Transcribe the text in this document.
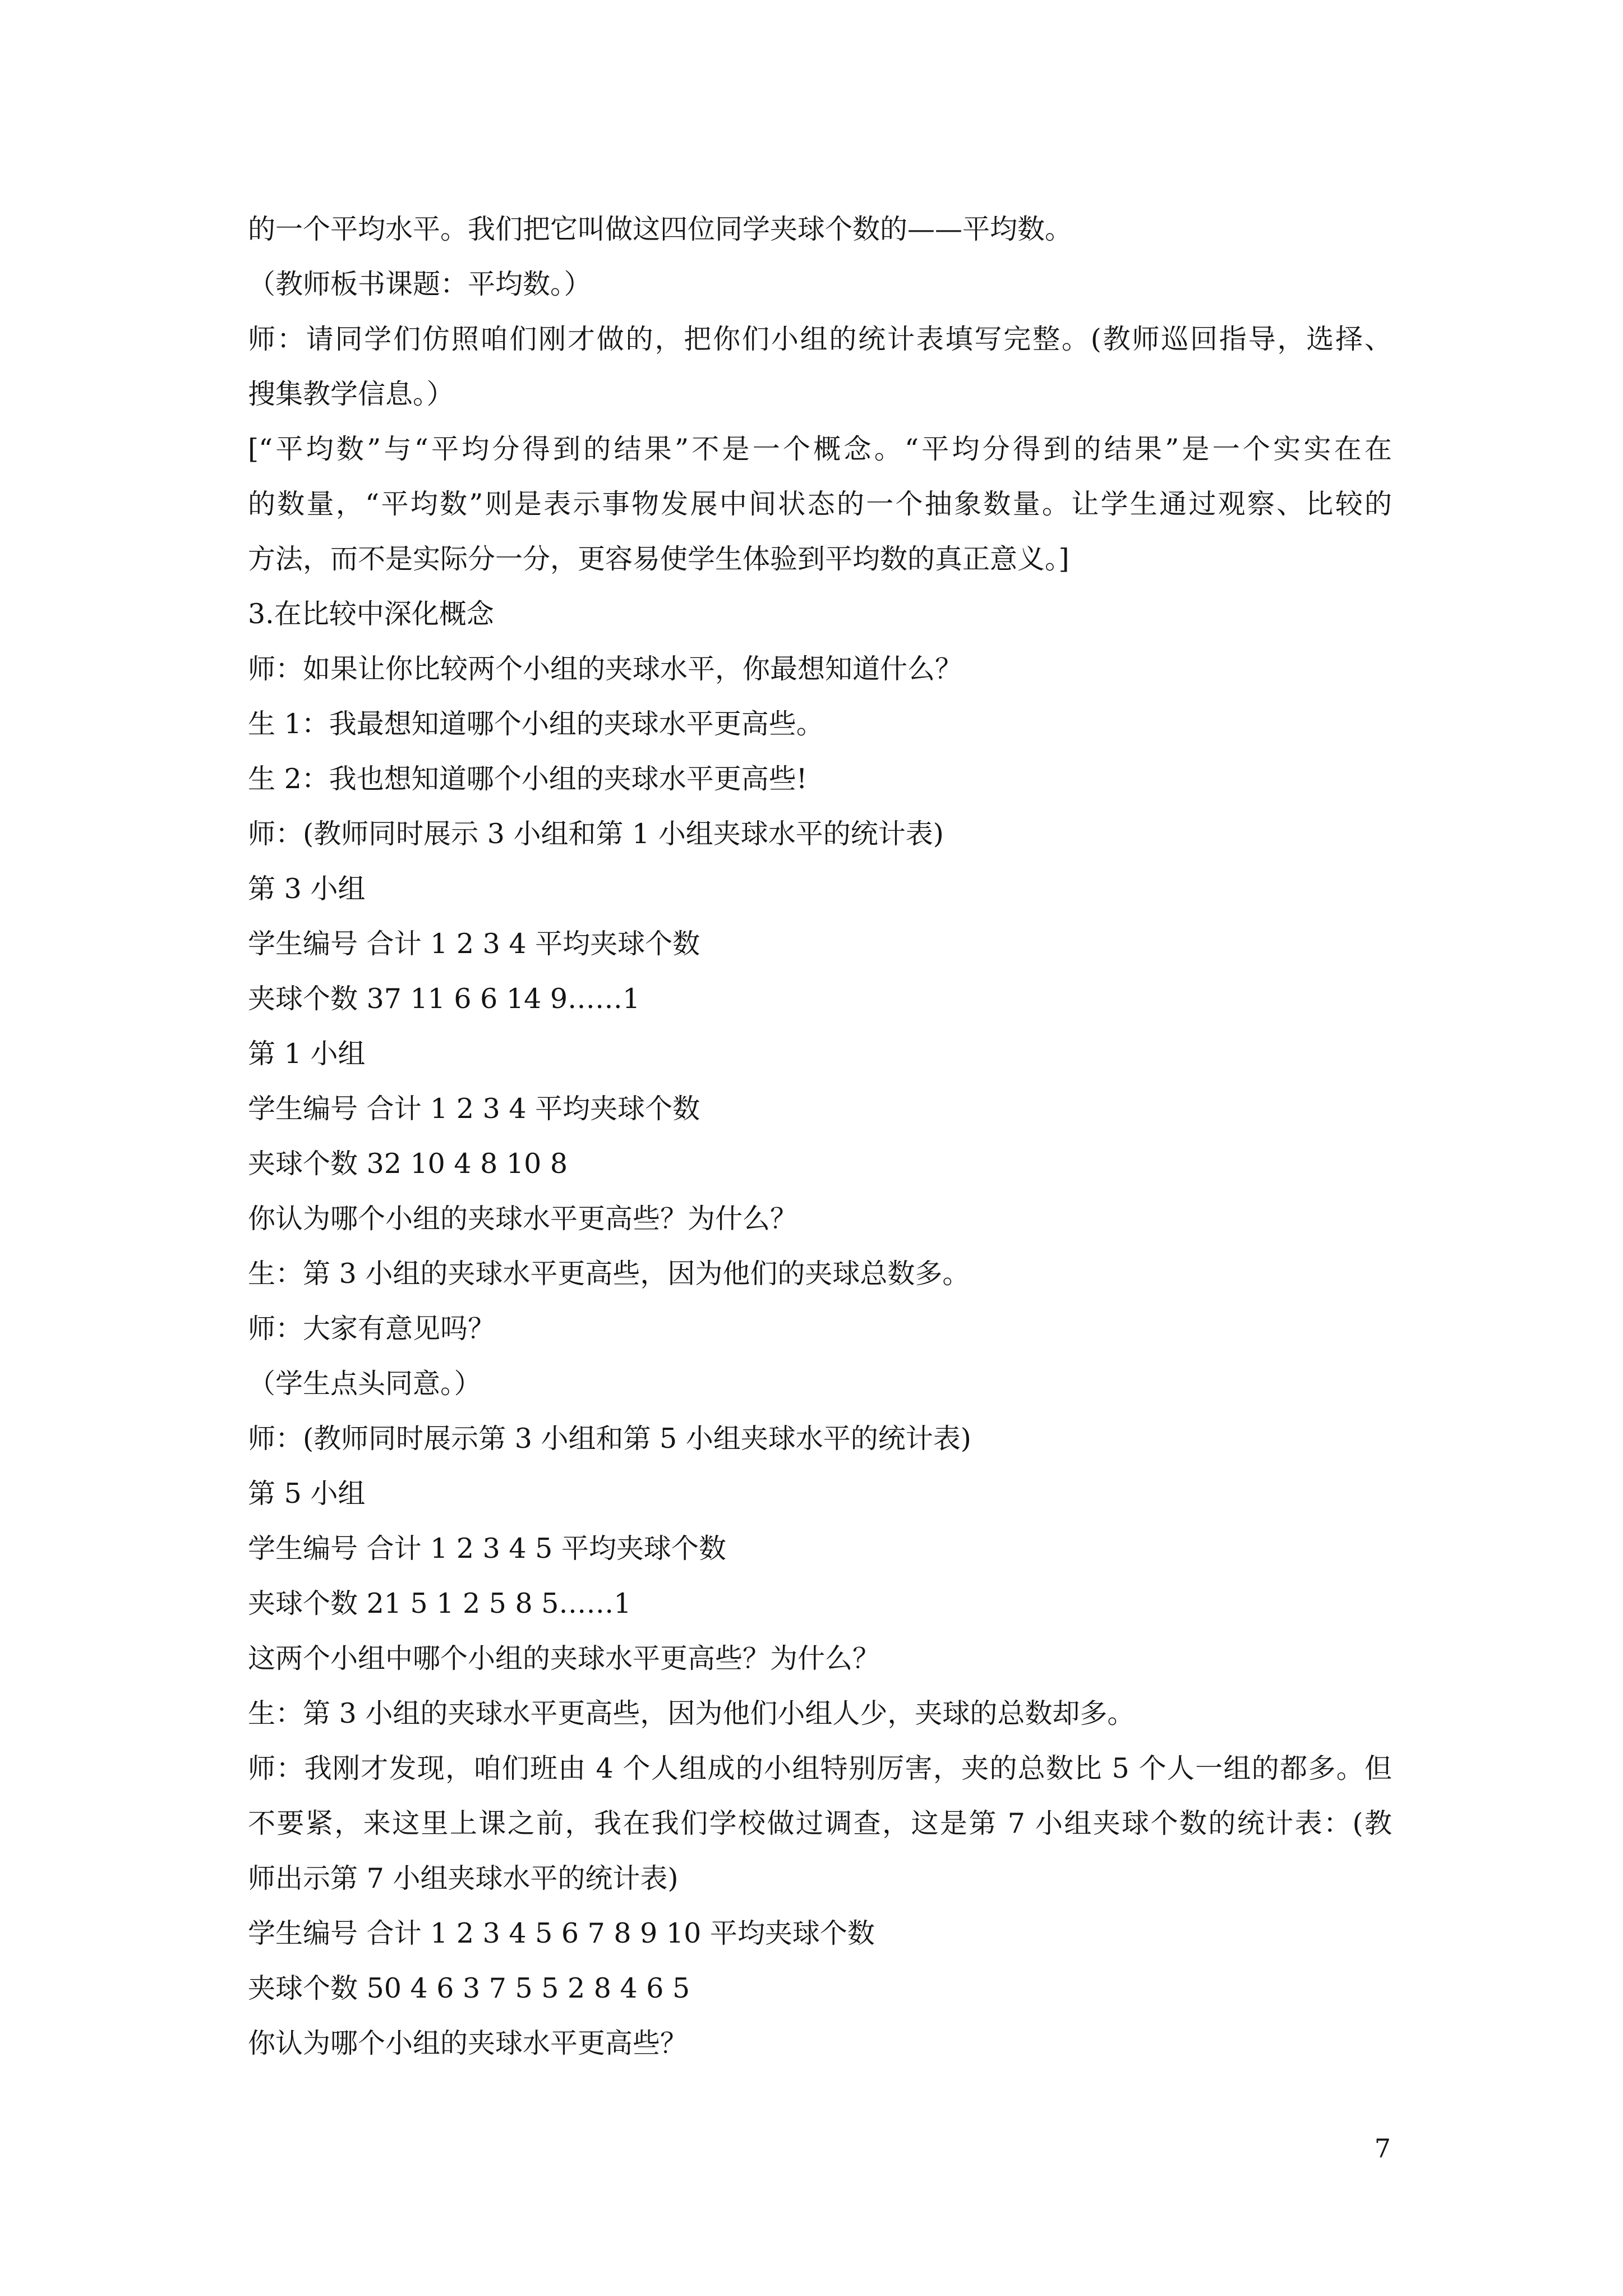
的一个平均水平。我们把它叫做这四位同学夹球个数的——平均数。
（教师板书课题：平均数。）
师：请同学们仿照咱们刚才做的，把你们小组的统计表填写完整。(教师巡回指导，选择、
搜集教学信息。）
[“平均数”与“平均分得到的结果”不是一个概念。“平均分得到的结果”是一个实实在在
的数量，“平均数”则是表示事物发展中间状态的一个抽象数量。让学生通过观察、比较的
方法，而不是实际分一分，更容易使学生体验到平均数的真正意义。]
3.在比较中深化概念
师：如果让你比较两个小组的夹球水平，你最想知道什么？
生 1：我最想知道哪个小组的夹球水平更高些。
生 2：我也想知道哪个小组的夹球水平更高些!
师：(教师同时展示 3 小组和第 1 小组夹球水平的统计表)
第 3 小组
学生编号 合计 1 2 3 4 平均夹球个数
夹球个数 37 11 6 6 14 9……1
第 1 小组
学生编号 合计 1 2 3 4 平均夹球个数
夹球个数 32 10 4 8 10 8
你认为哪个小组的夹球水平更高些？为什么？
生：第 3 小组的夹球水平更高些，因为他们的夹球总数多。
师：大家有意见吗？
（学生点头同意。）
师：(教师同时展示第 3 小组和第 5 小组夹球水平的统计表)
第 5 小组
学生编号 合计 1 2 3 4 5 平均夹球个数
夹球个数 21 5 1 2 5 8 5……1
这两个小组中哪个小组的夹球水平更高些？为什么？
生：第 3 小组的夹球水平更高些，因为他们小组人少，夹球的总数却多。
师：我刚才发现，咱们班由 4 个人组成的小组特别厉害，夹的总数比 5 个人一组的都多。但
不要紧，来这里上课之前，我在我们学校做过调查，这是第 7 小组夹球个数的统计表：(教
师出示第 7 小组夹球水平的统计表)
学生编号 合计 1 2 3 4 5 6 7 8 9 10 平均夹球个数
夹球个数 50 4 6 3 7 5 5 2 8 4 6 5
你认为哪个小组的夹球水平更高些？
7
